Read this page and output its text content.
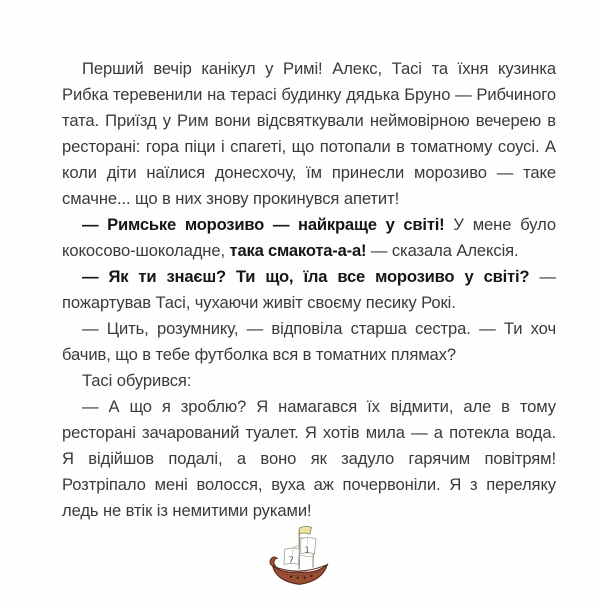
Перший вечір канікул у Римі! Алекс, Тасі та їхня кузинка Рибка теревенили на терасі будинку дядька Бруно — Рибчиного тата. Приїзд у Рим вони відсвяткували неймовірною вечерею в ресторані: гора піци і спагеті, що потопали в томатному соусі. А коли діти наїлися донесхочу, їм принесли морозиво — таке смачне... що в них знову прокинувся апетит!

— Римське морозиво — найкраще у світі! У мене було кокосово-шоколадне, така смакота-а-а! — сказала Алексія.

— Як ти знаєш? Ти що, їла все морозиво у світі? — пожартував Тасі, чухаючи живіт своєму песику Рокі.

— Цить, розумнику, — відповіла старша сестра. — Ти хоч бачив, що в тебе футболка вся в томатних плямах?

Тасі обурився:

— А що я зроблю? Я намагався їх відмити, але в тому ресторані зачарований туалет. Я хотів мила — а потекла вода. Я відійшов подалі, а воно як задуло гарячим повітрям! Розтріпало мені волосся, вуха аж почервоніли. Я з переляку ледь не втік із немитими руками!

7
1
